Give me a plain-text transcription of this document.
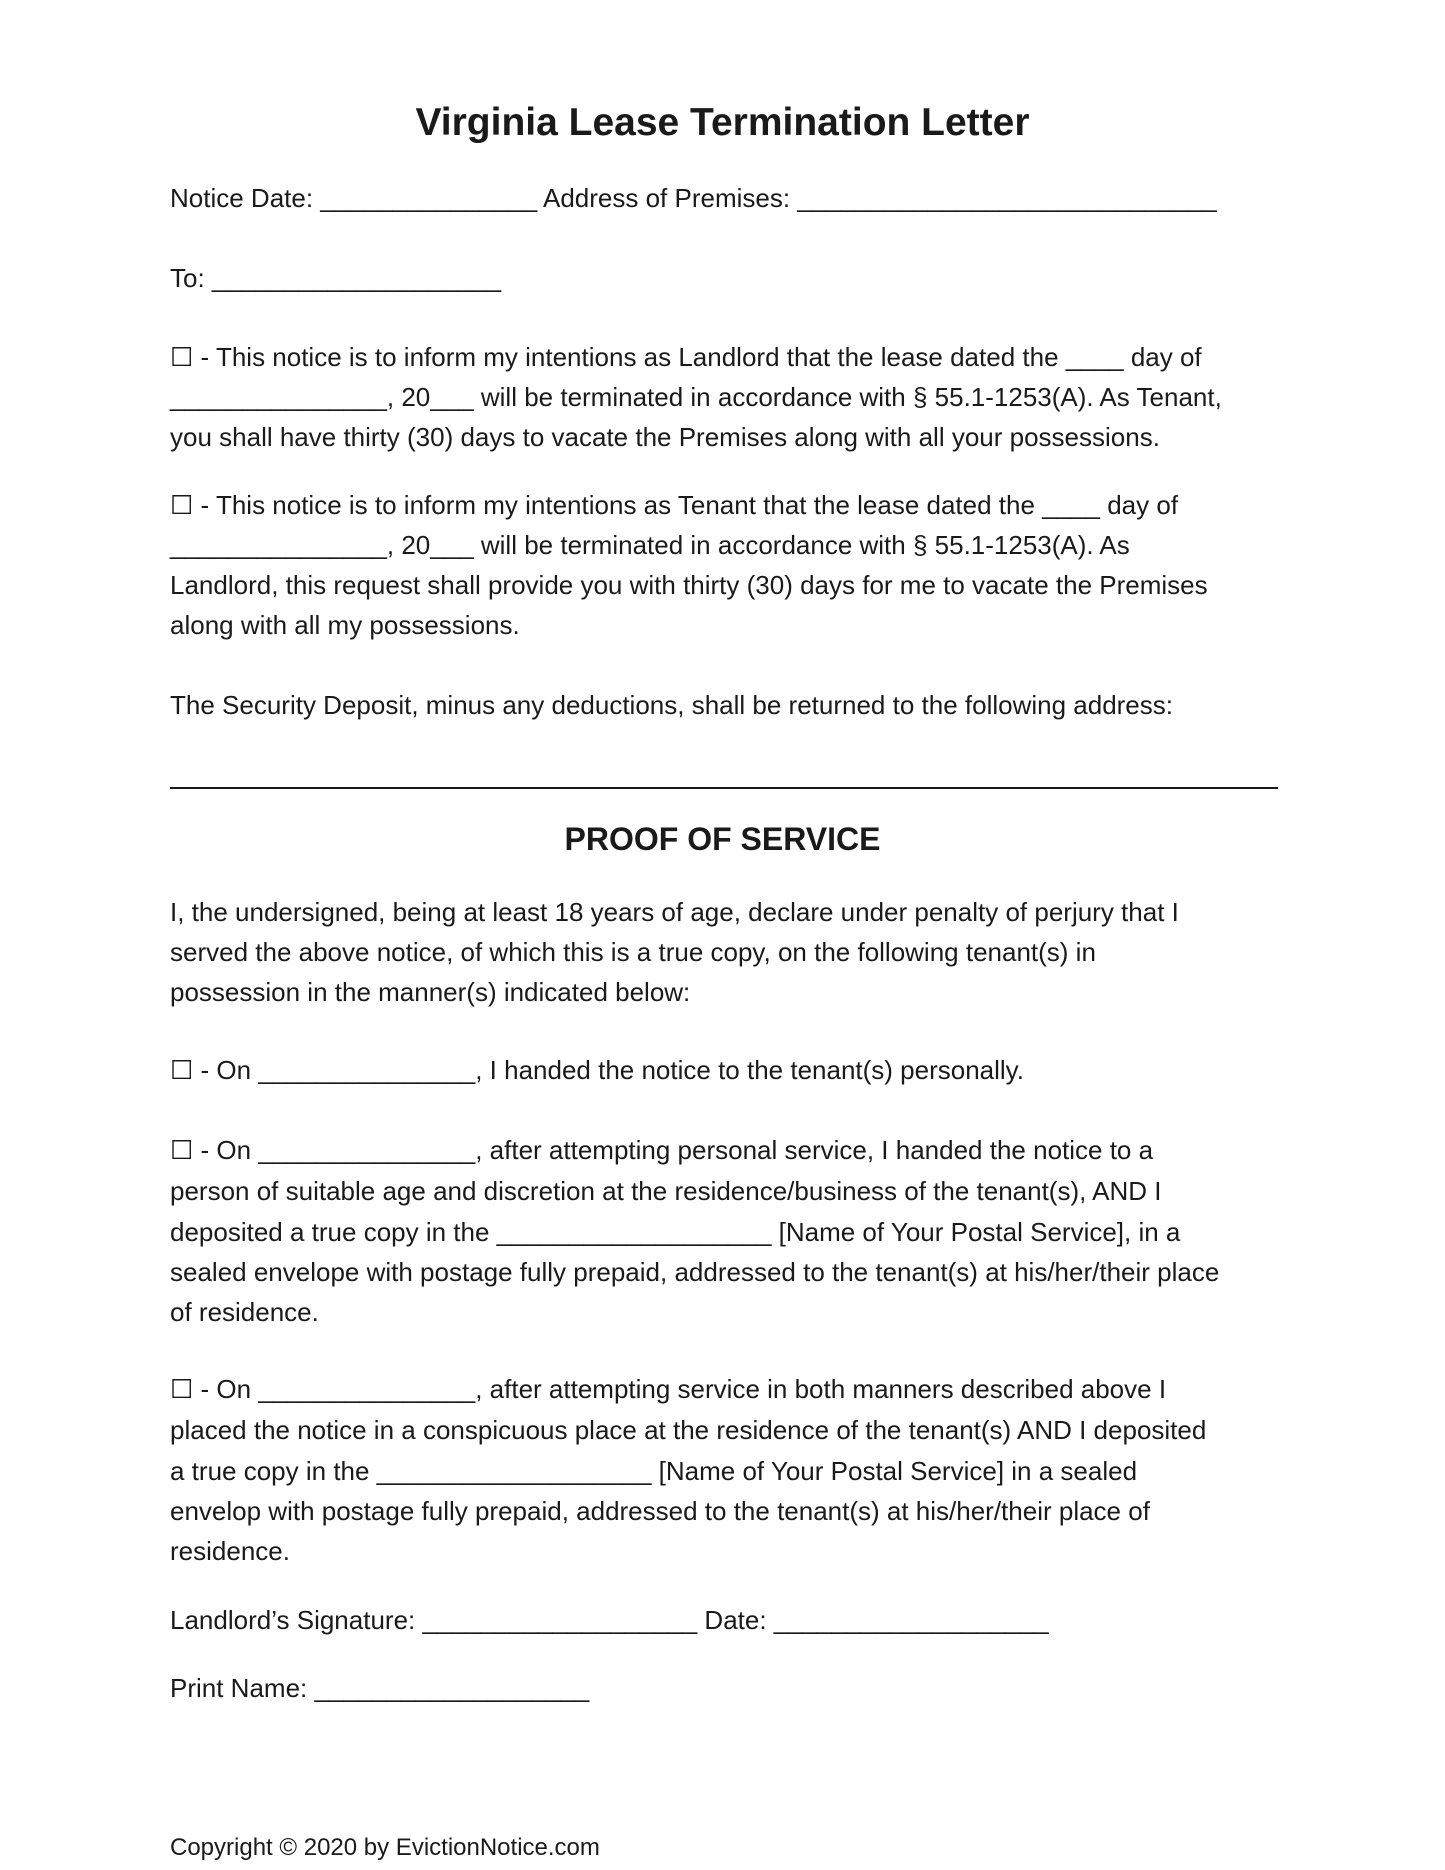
Virginia Lease Termination Letter

Notice Date: _______________ Address of Premises: _____________________________

To: ____________________

☐ - This notice is to inform my intentions as Landlord that the lease dated the ____ day of

_______________, 20___ will be terminated in accordance with § 55.1-1253(A). As Tenant,

you shall have thirty (30) days to vacate the Premises along with all your possessions.

☐ - This notice is to inform my intentions as Tenant that the lease dated the ____ day of

_______________, 20___ will be terminated in accordance with § 55.1-1253(A). As

Landlord, this request shall provide you with thirty (30) days for me to vacate the Premises

along with all my possessions.

The Security Deposit, minus any deductions, shall be returned to the following address:

PROOF OF SERVICE

I, the undersigned, being at least 18 years of age, declare under penalty of perjury that I

served the above notice, of which this is a true copy, on the following tenant(s) in

possession in the manner(s) indicated below:

☐ - On _______________, I handed the notice to the tenant(s) personally.

☐ - On _______________, after attempting personal service, I handed the notice to a

person of suitable age and discretion at the residence/business of the tenant(s), AND I

deposited a true copy in the ___________________ [Name of Your Postal Service], in a

sealed envelope with postage fully prepaid, addressed to the tenant(s) at his/her/their place

of residence.

☐ - On _______________, after attempting service in both manners described above I

placed the notice in a conspicuous place at the residence of the tenant(s) AND I deposited

a true copy in the ___________________ [Name of Your Postal Service] in a sealed

envelop with postage fully prepaid, addressed to the tenant(s) at his/her/their place of

residence.

Landlord’s Signature: ___________________ Date: ___________________

Print Name: ___________________

Copyright © 2020 by EvictionNotice.com
